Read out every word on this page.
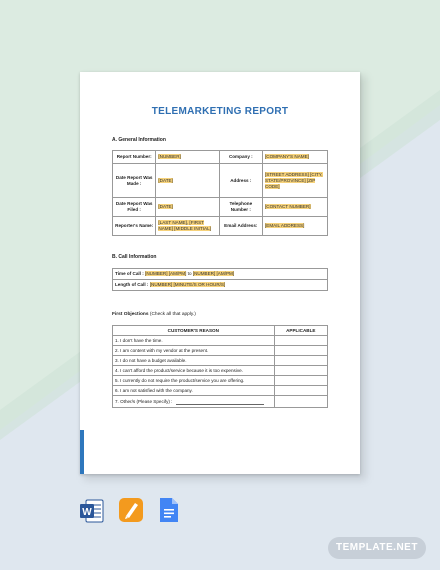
TELEMARKETING REPORT
A. General Information
Report Number:	[NUMBER]	Company :	[COMPANY'S NAME]
Date Report Was Made :	[DATE]	Address :	[STREET ADDRESS] [CITY, STATE/PROVINCE] [ZIP CODE]
Date Report Was Filed :	[DATE]	Telephone Number :	[CONTACT NUMBER]
Reporter's Name:	[LAST NAME], [FIRST NAME] [MIDDLE INITIAL]	Email Address:	[EMAIL ADDRESS]
B. Call Information
Time of Call : [NUMBER] [AM/PM] to [NUMBER] [AM/PM]
Length of Call : [NUMBER] [MINUTE/S OR HOUR/S]
First Objections (Check all that apply.)
CUSTOMER'S REASON	APPLICABLE
1. I don't have the time.	
2. I am content with my vendor at the present.	
3. I do not have a budget available.	
4. I can't afford the product/service because it is too expensive.	
5. I currently do not require the product/service you are offering.	
6. I am not satisfied with the company.	
7. Other/s (Please Specify) :	
W
TEMPLATE.NET
